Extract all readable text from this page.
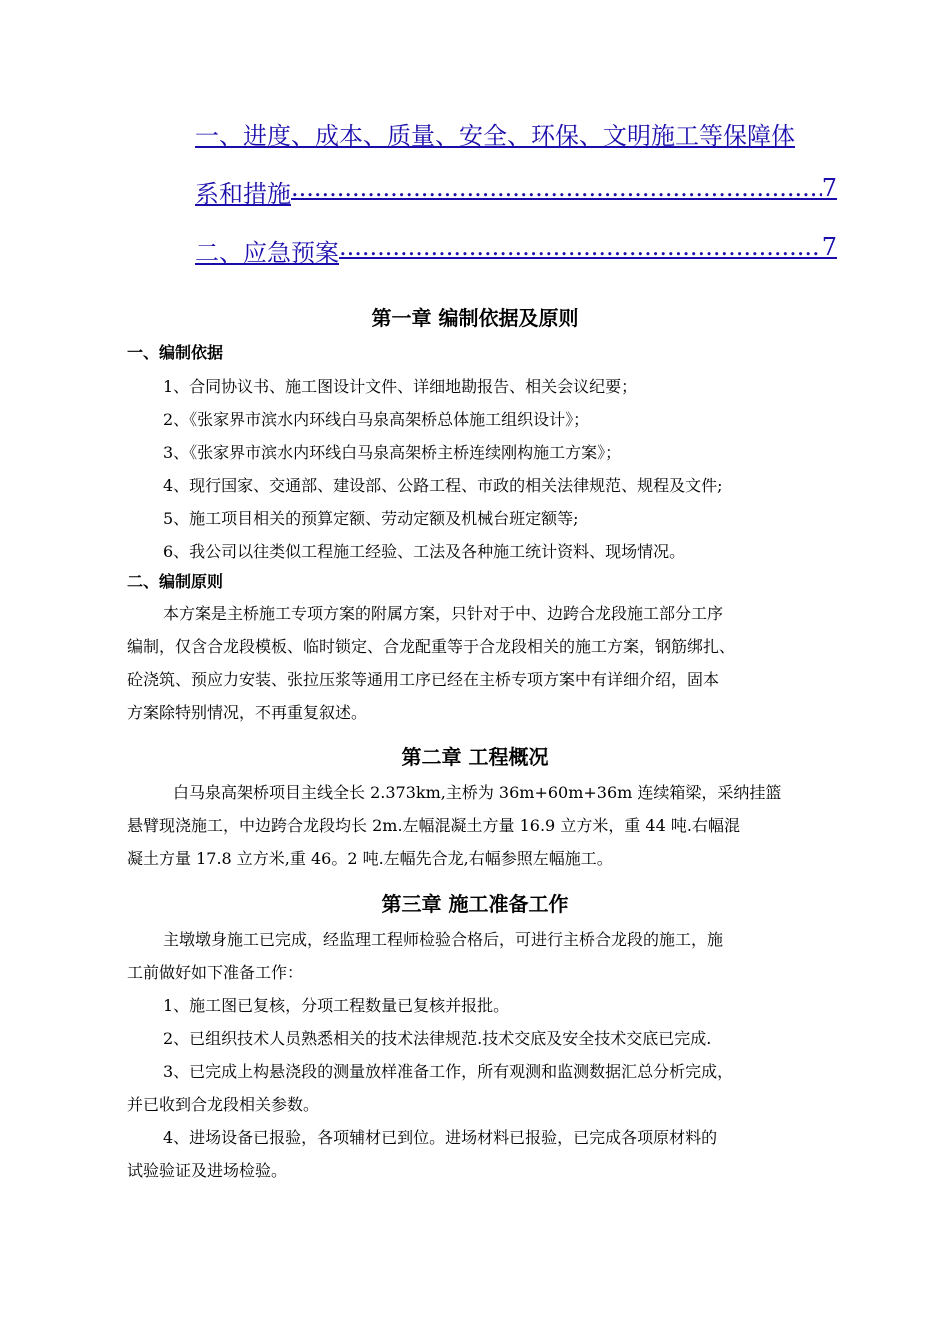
一、进度、成本、质量、安全、环保、文明施工等保障体
系和措施 .....	7
二、应急预案 .....	7
第一章 编制依据及原则
一、编制依据
1、合同协议书、施工图设计文件、详细地勘报告、相关会议纪要；
2、《张家界市滨水内环线白马泉高架桥总体施工组织设计》；
3、《张家界市滨水内环线白马泉高架桥主桥连续刚构施工方案》；
4、现行国家、交通部、建设部、公路工程、市政的相关法律规范、规程及文件;
5、施工项目相关的预算定额、劳动定额及机械台班定额等;
6、我公司以往类似工程施工经验、工法及各种施工统计资料、现场情况。
二、编制原则
本方案是主桥施工专项方案的附属方案，只针对于中、边跨合龙段施工部分工序
编制，仅含合龙段模板、临时锁定、合龙配重等于合龙段相关的施工方案，钢筋绑扎、
砼浇筑、预应力安装、张拉压浆等通用工序已经在主桥专项方案中有详细介绍，固本
方案除特别情况，不再重复叙述。
第二章 工程概况
白马泉高架桥项目主线全长 2.373km,主桥为 36m+60m+36m 连续箱梁，采纳挂篮
悬臂现浇施工，中边跨合龙段均长 2m.左幅混凝土方量 16.9 立方米，重 44 吨.右幅混
凝土方量 17.8 立方米,重 46。2 吨.左幅先合龙,右幅参照左幅施工。
第三章 施工准备工作
主墩墩身施工已完成，经监理工程师检验合格后，可进行主桥合龙段的施工，施
工前做好如下准备工作：
1、施工图已复核，分项工程数量已复核并报批。
2、已组织技术人员熟悉相关的技术法律规范.技术交底及安全技术交底已完成.
3、已完成上构悬浇段的测量放样准备工作，所有观测和监测数据汇总分析完成，
并已收到合龙段相关参数。
4、进场设备已报验，各项辅材已到位。进场材料已报验，已完成各项原材料的
试验验证及进场检验。
